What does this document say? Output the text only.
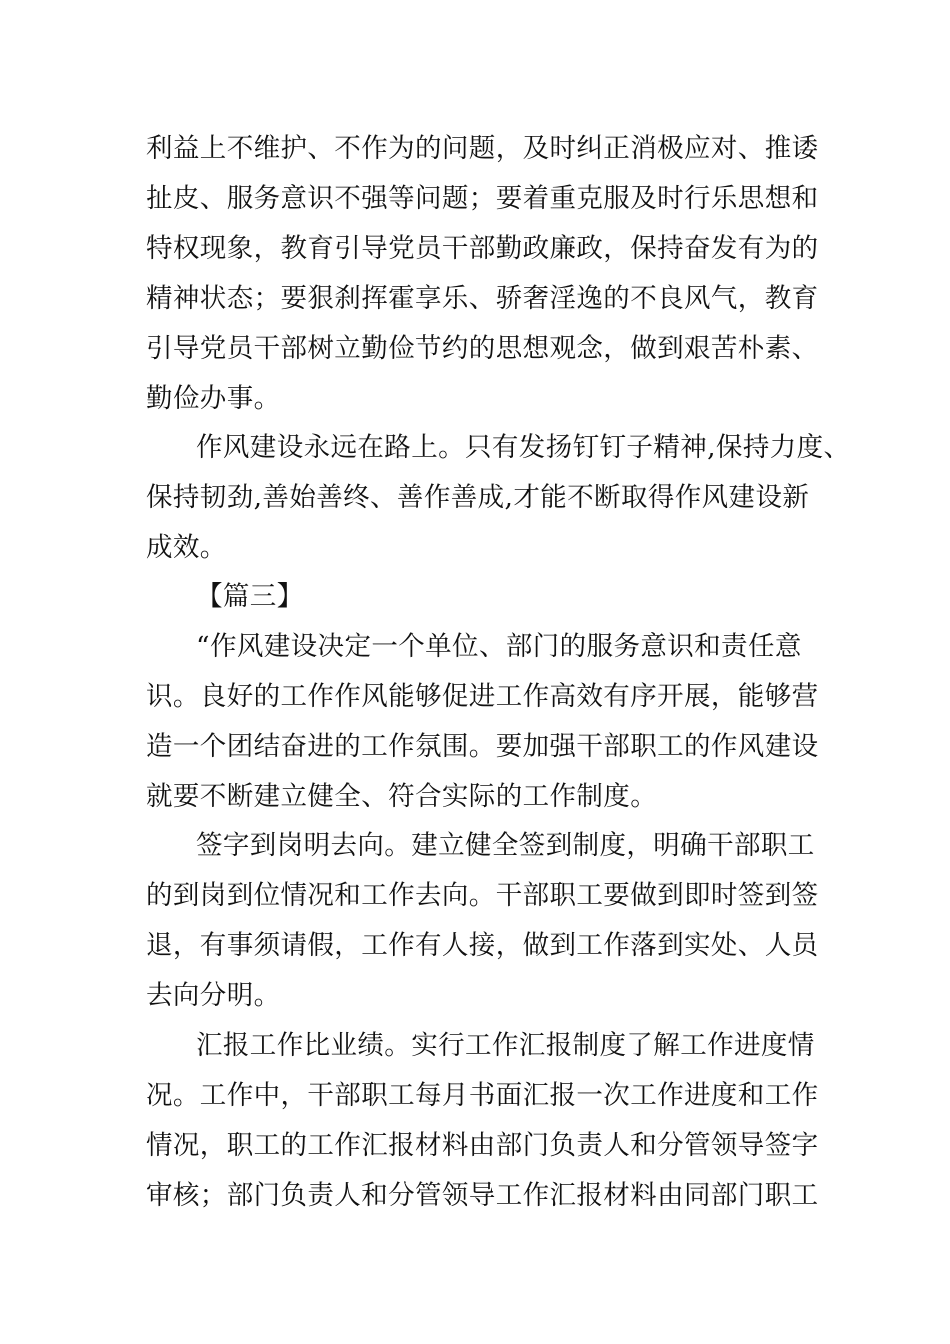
利益上不维护、不作为的问题，及时纠正消极应对、推诿
扯皮、服务意识不强等问题；要着重克服及时行乐思想和
特权现象，教育引导党员干部勤政廉政，保持奋发有为的
精神状态；要狠刹挥霍享乐、骄奢淫逸的不良风气，教育
引导党员干部树立勤俭节约的思想观念，做到艰苦朴素、
勤俭办事。
作风建设永远在路上。只有发扬钉钉子精神,保持力度、
保持韧劲,善始善终、善作善成,才能不断取得作风建设新
成效。
【篇三】
“作风建设决定一个单位、部门的服务意识和责任意
识。良好的工作作风能够促进工作高效有序开展，能够营
造一个团结奋进的工作氛围。要加强干部职工的作风建设
就要不断建立健全、符合实际的工作制度。
签字到岗明去向。建立健全签到制度，明确干部职工
的到岗到位情况和工作去向。干部职工要做到即时签到签
退，有事须请假，工作有人接，做到工作落到实处、人员
去向分明。
汇报工作比业绩。实行工作汇报制度了解工作进度情
况。工作中，干部职工每月书面汇报一次工作进度和工作
情况，职工的工作汇报材料由部门负责人和分管领导签字
审核；部门负责人和分管领导工作汇报材料由同部门职工
